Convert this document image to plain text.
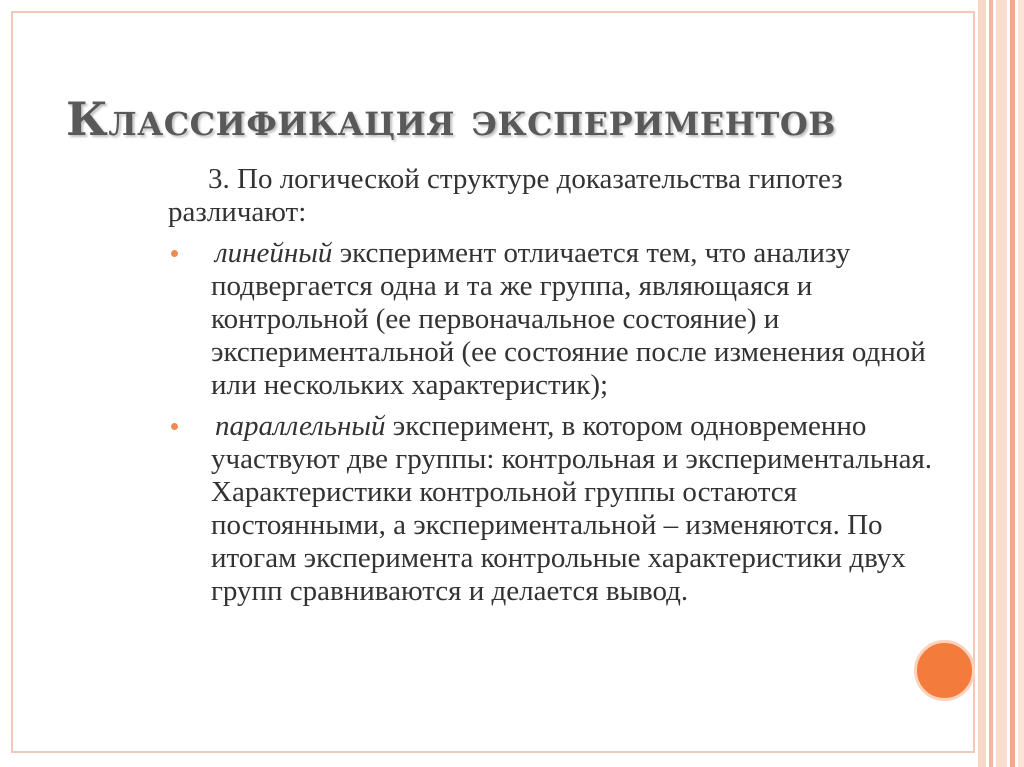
Классификация экспериментов

3. По логической структуре доказательства гипотез различают:

линейный эксперимент отличается тем, что анализу подвергается одна и та же группа, являющаяся и контрольной (ее первоначальное состояние) и экспериментальной (ее состояние после изменения одной или нескольких характеристик);
параллельный эксперимент, в котором одновременно участвуют две группы: контрольная и экспериментальная. Характеристики контрольной группы остаются постоянными, а экспериментальной – изменяются. По итогам эксперимента контрольные характеристики двух групп сравниваются и делается вывод.
